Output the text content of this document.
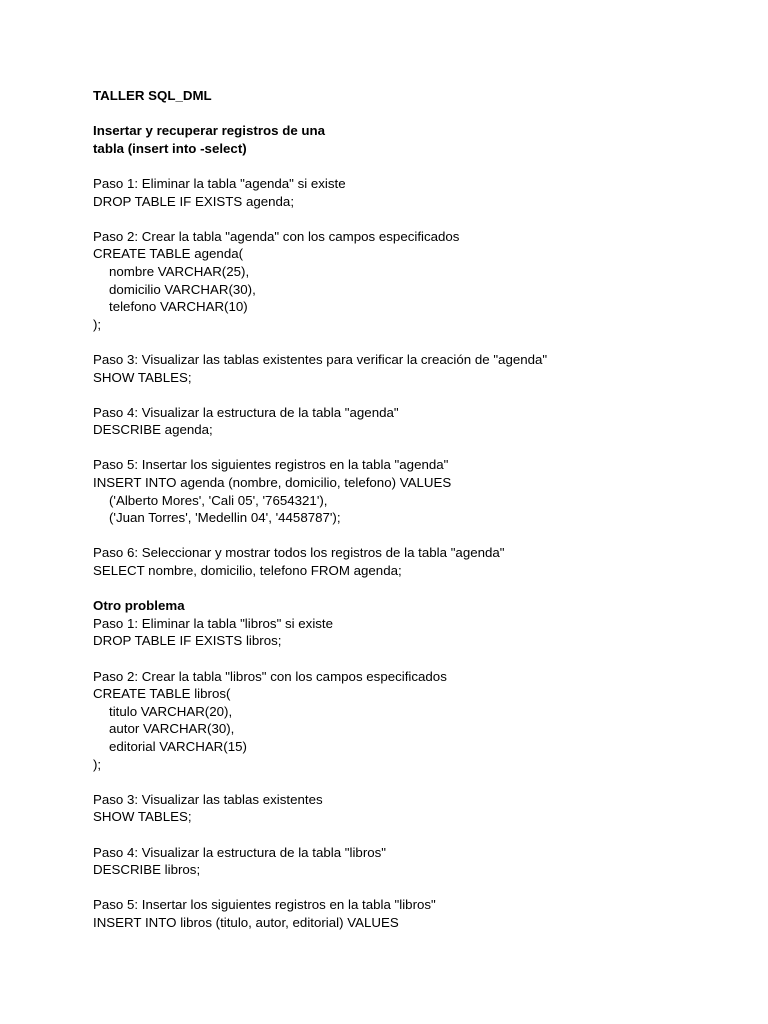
TALLER SQL_DML
Insertar y recuperar registros de una
tabla (insert into -select)
Paso 1: Eliminar la tabla "agenda" si existe
DROP TABLE IF EXISTS agenda;
Paso 2: Crear la tabla "agenda" con los campos especificados
CREATE TABLE agenda(
nombre VARCHAR(25),
domicilio VARCHAR(30),
telefono VARCHAR(10)
);
Paso 3: Visualizar las tablas existentes para verificar la creación de "agenda"
SHOW TABLES;
Paso 4: Visualizar la estructura de la tabla "agenda"
DESCRIBE agenda;
Paso 5: Insertar los siguientes registros en la tabla "agenda"
INSERT INTO agenda (nombre, domicilio, telefono) VALUES
('Alberto Mores', 'Cali 05', '7654321'),
('Juan Torres', 'Medellin 04', '4458787');
Paso 6: Seleccionar y mostrar todos los registros de la tabla "agenda"
SELECT nombre, domicilio, telefono FROM agenda;
Otro problema
Paso 1: Eliminar la tabla "libros" si existe
DROP TABLE IF EXISTS libros;
Paso 2: Crear la tabla "libros" con los campos especificados
CREATE TABLE libros(
titulo VARCHAR(20),
autor VARCHAR(30),
editorial VARCHAR(15)
);
Paso 3: Visualizar las tablas existentes
SHOW TABLES;
Paso 4: Visualizar la estructura de la tabla "libros"
DESCRIBE libros;
Paso 5: Insertar los siguientes registros en la tabla "libros"
INSERT INTO libros (titulo, autor, editorial) VALUES
